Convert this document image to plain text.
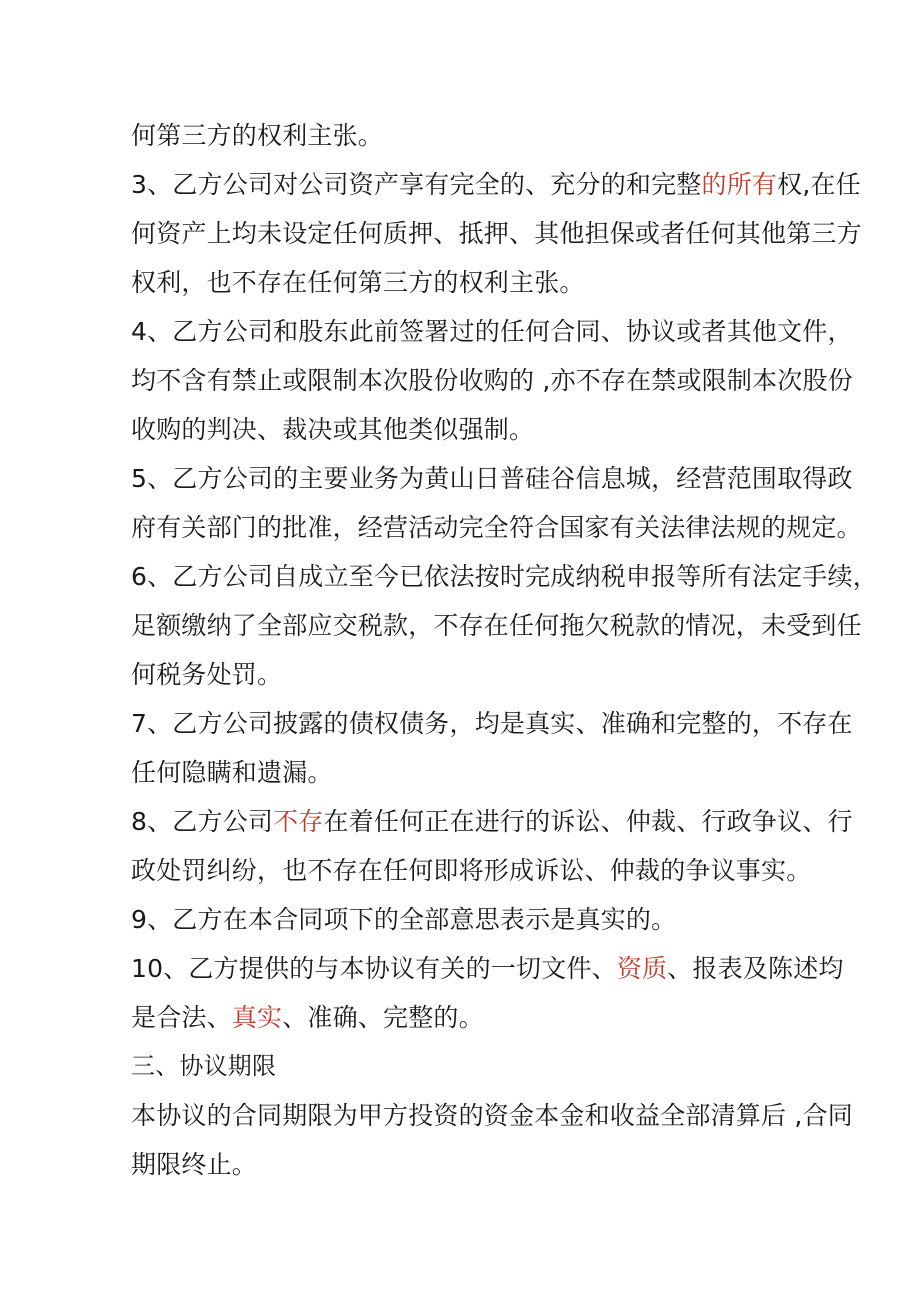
何第三方的权利主张。
3、乙方公司对公司资产享有完全的、充分的和完整的所有权,在任
何资产上均未设定任何质押、抵押、其他担保或者任何其他第三方
权利，也不存在任何第三方的权利主张。
4、乙方公司和股东此前签署过的任何合同、协议或者其他文件，
均不含有禁止或限制本次股份收购的 ,亦不存在禁或限制本次股份
收购的判决、裁决或其他类似强制。
5、乙方公司的主要业务为黄山日普硅谷信息城，经营范围取得政
府有关部门的批准，经营活动完全符合国家有关法律法规的规定。
6、乙方公司自成立至今已依法按时完成纳税申报等所有法定手续，
足额缴纳了全部应交税款，不存在任何拖欠税款的情况，未受到任
何税务处罚。
7、乙方公司披露的债权债务，均是真实、准确和完整的，不存在
任何隐瞒和遗漏。
8、乙方公司不存在着任何正在进行的诉讼、仲裁、行政争议、行
政处罚纠纷，也不存在任何即将形成诉讼、仲裁的争议事实。
9、乙方在本合同项下的全部意思表示是真实的。
10、乙方提供的与本协议有关的一切文件、资质、报表及陈述均
是合法、真实、准确、完整的。
三、协议期限
本协议的合同期限为甲方投资的资金本金和收益全部清算后 ,合同
期限终止。
